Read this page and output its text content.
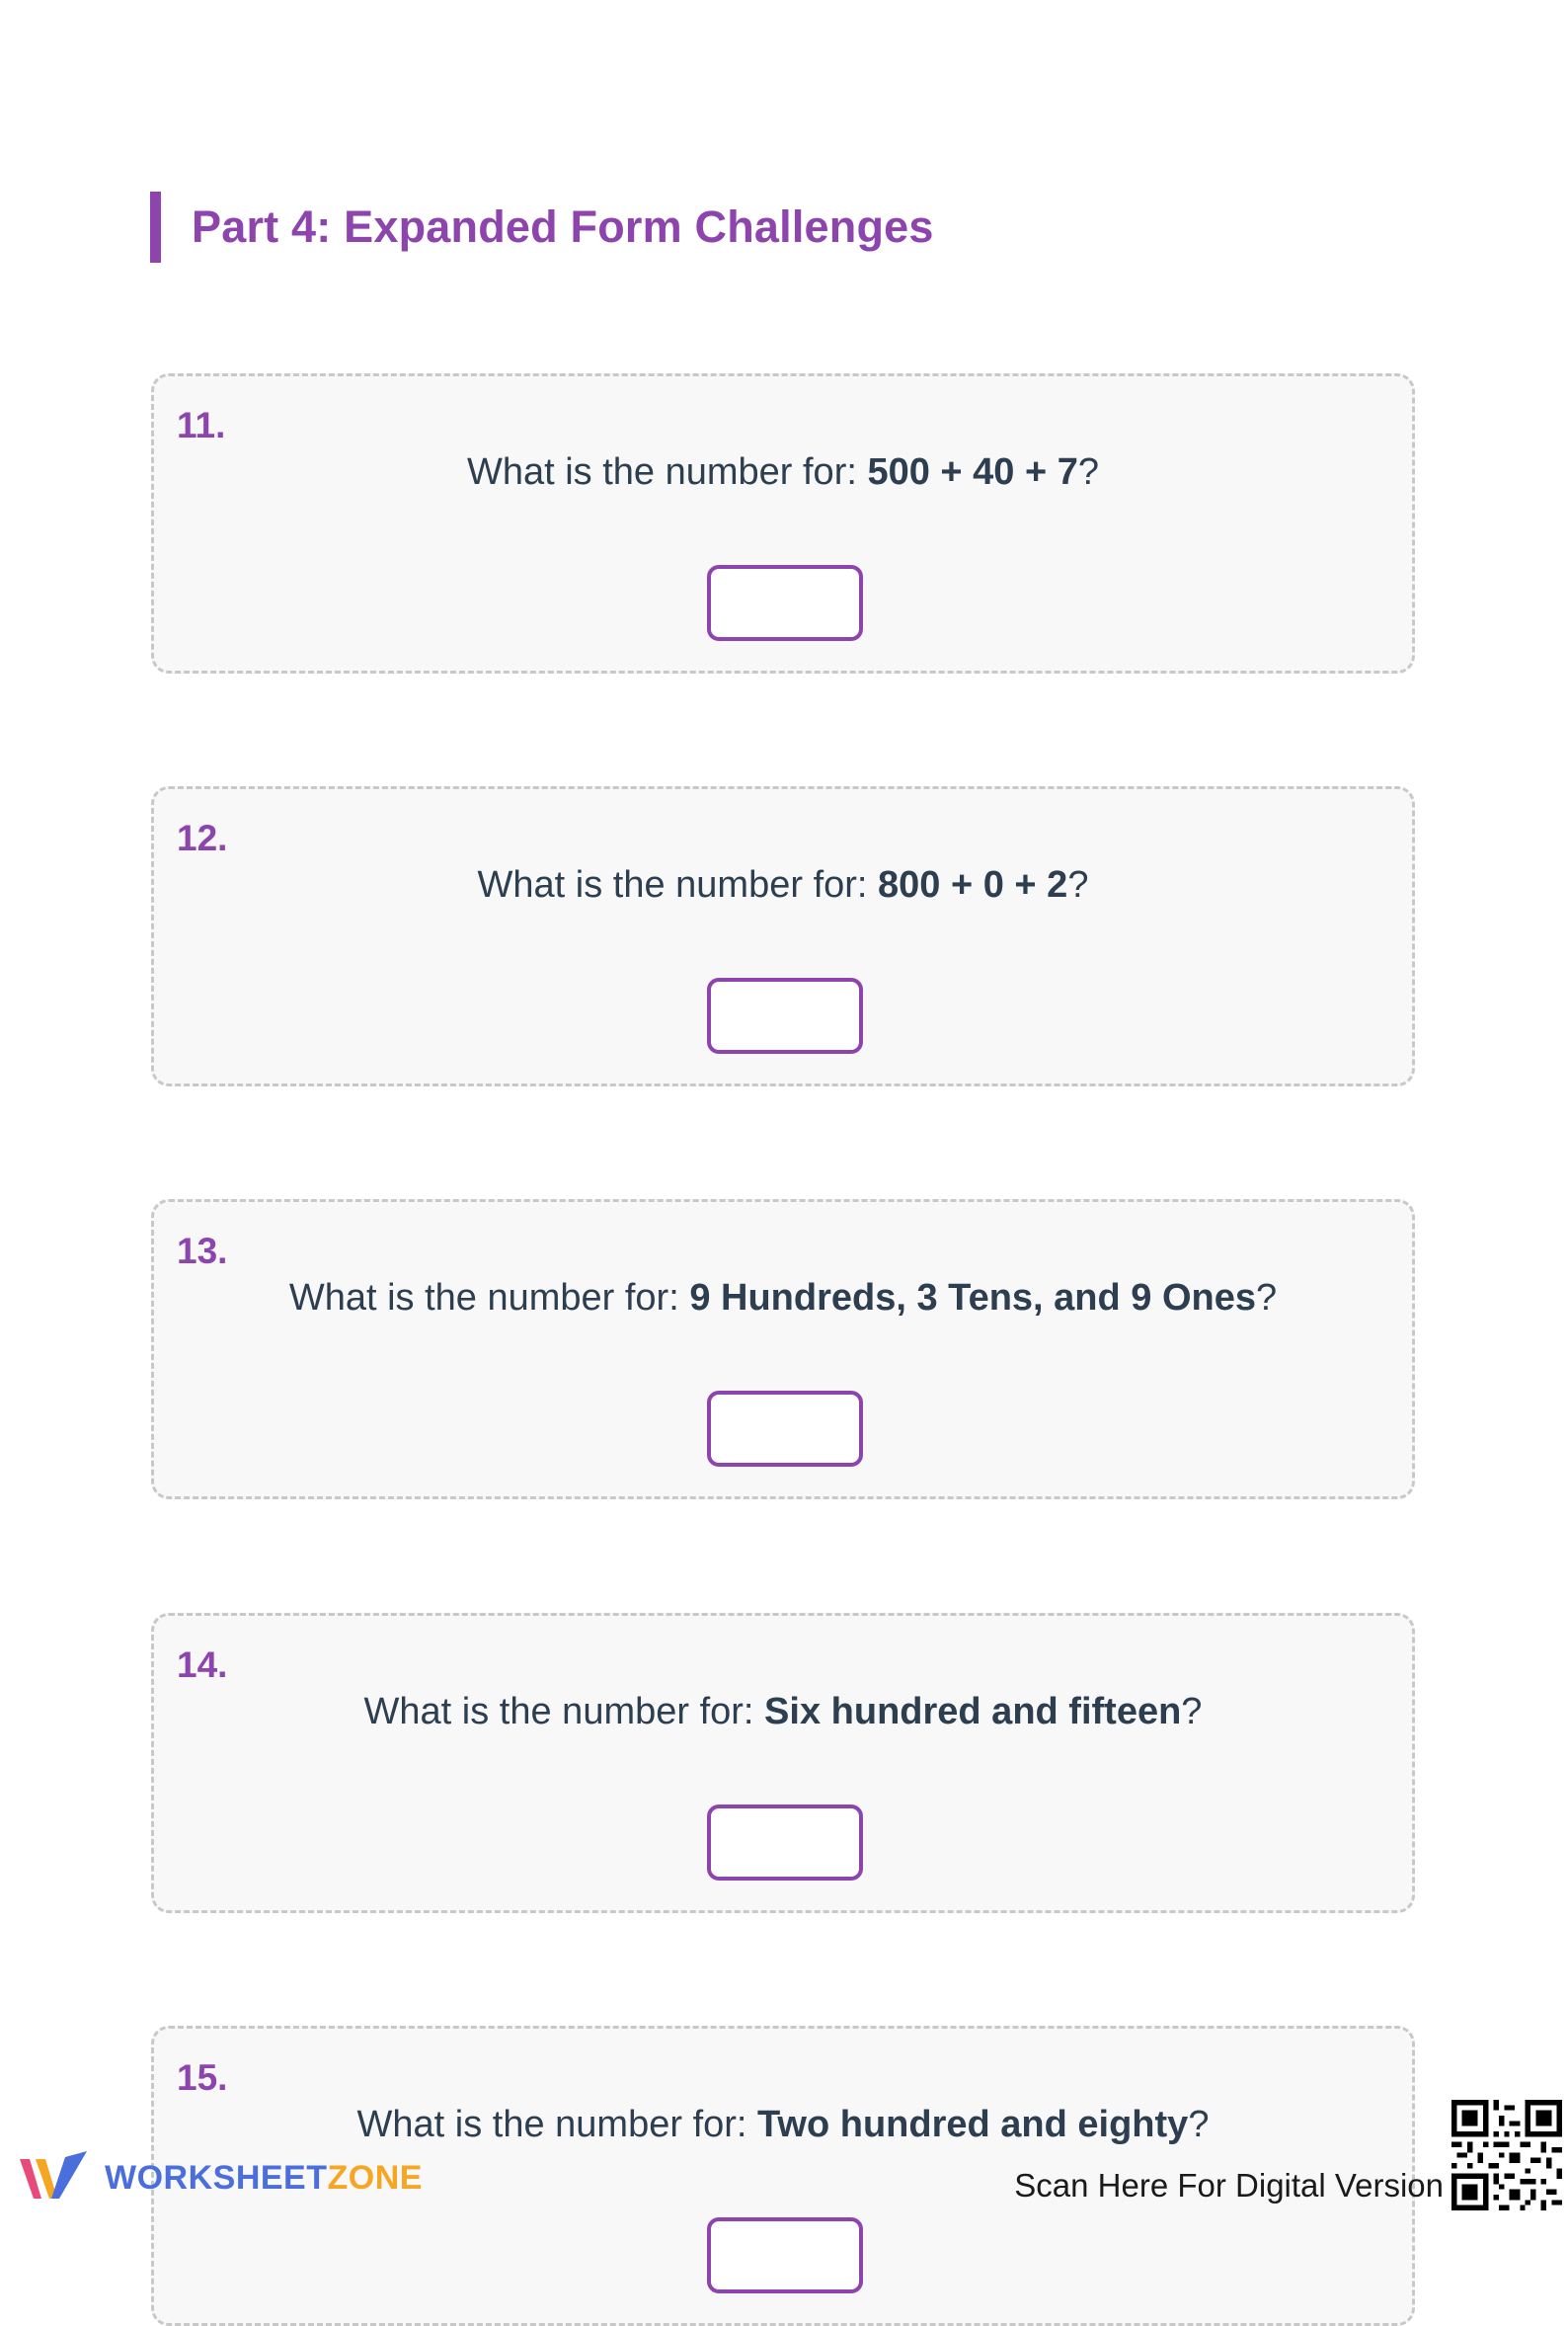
Part 4: Expanded Form Challenges
11.
What is the number for: 500 + 40 + 7?
12.
What is the number for: 800 + 0 + 2?
13.
What is the number for: 9 Hundreds, 3 Tens, and 9 Ones?
14.
What is the number for: Six hundred and fifteen?
15.
What is the number for: Two hundred and eighty?
WORKSHEETZONE	Scan Here For Digital Version
